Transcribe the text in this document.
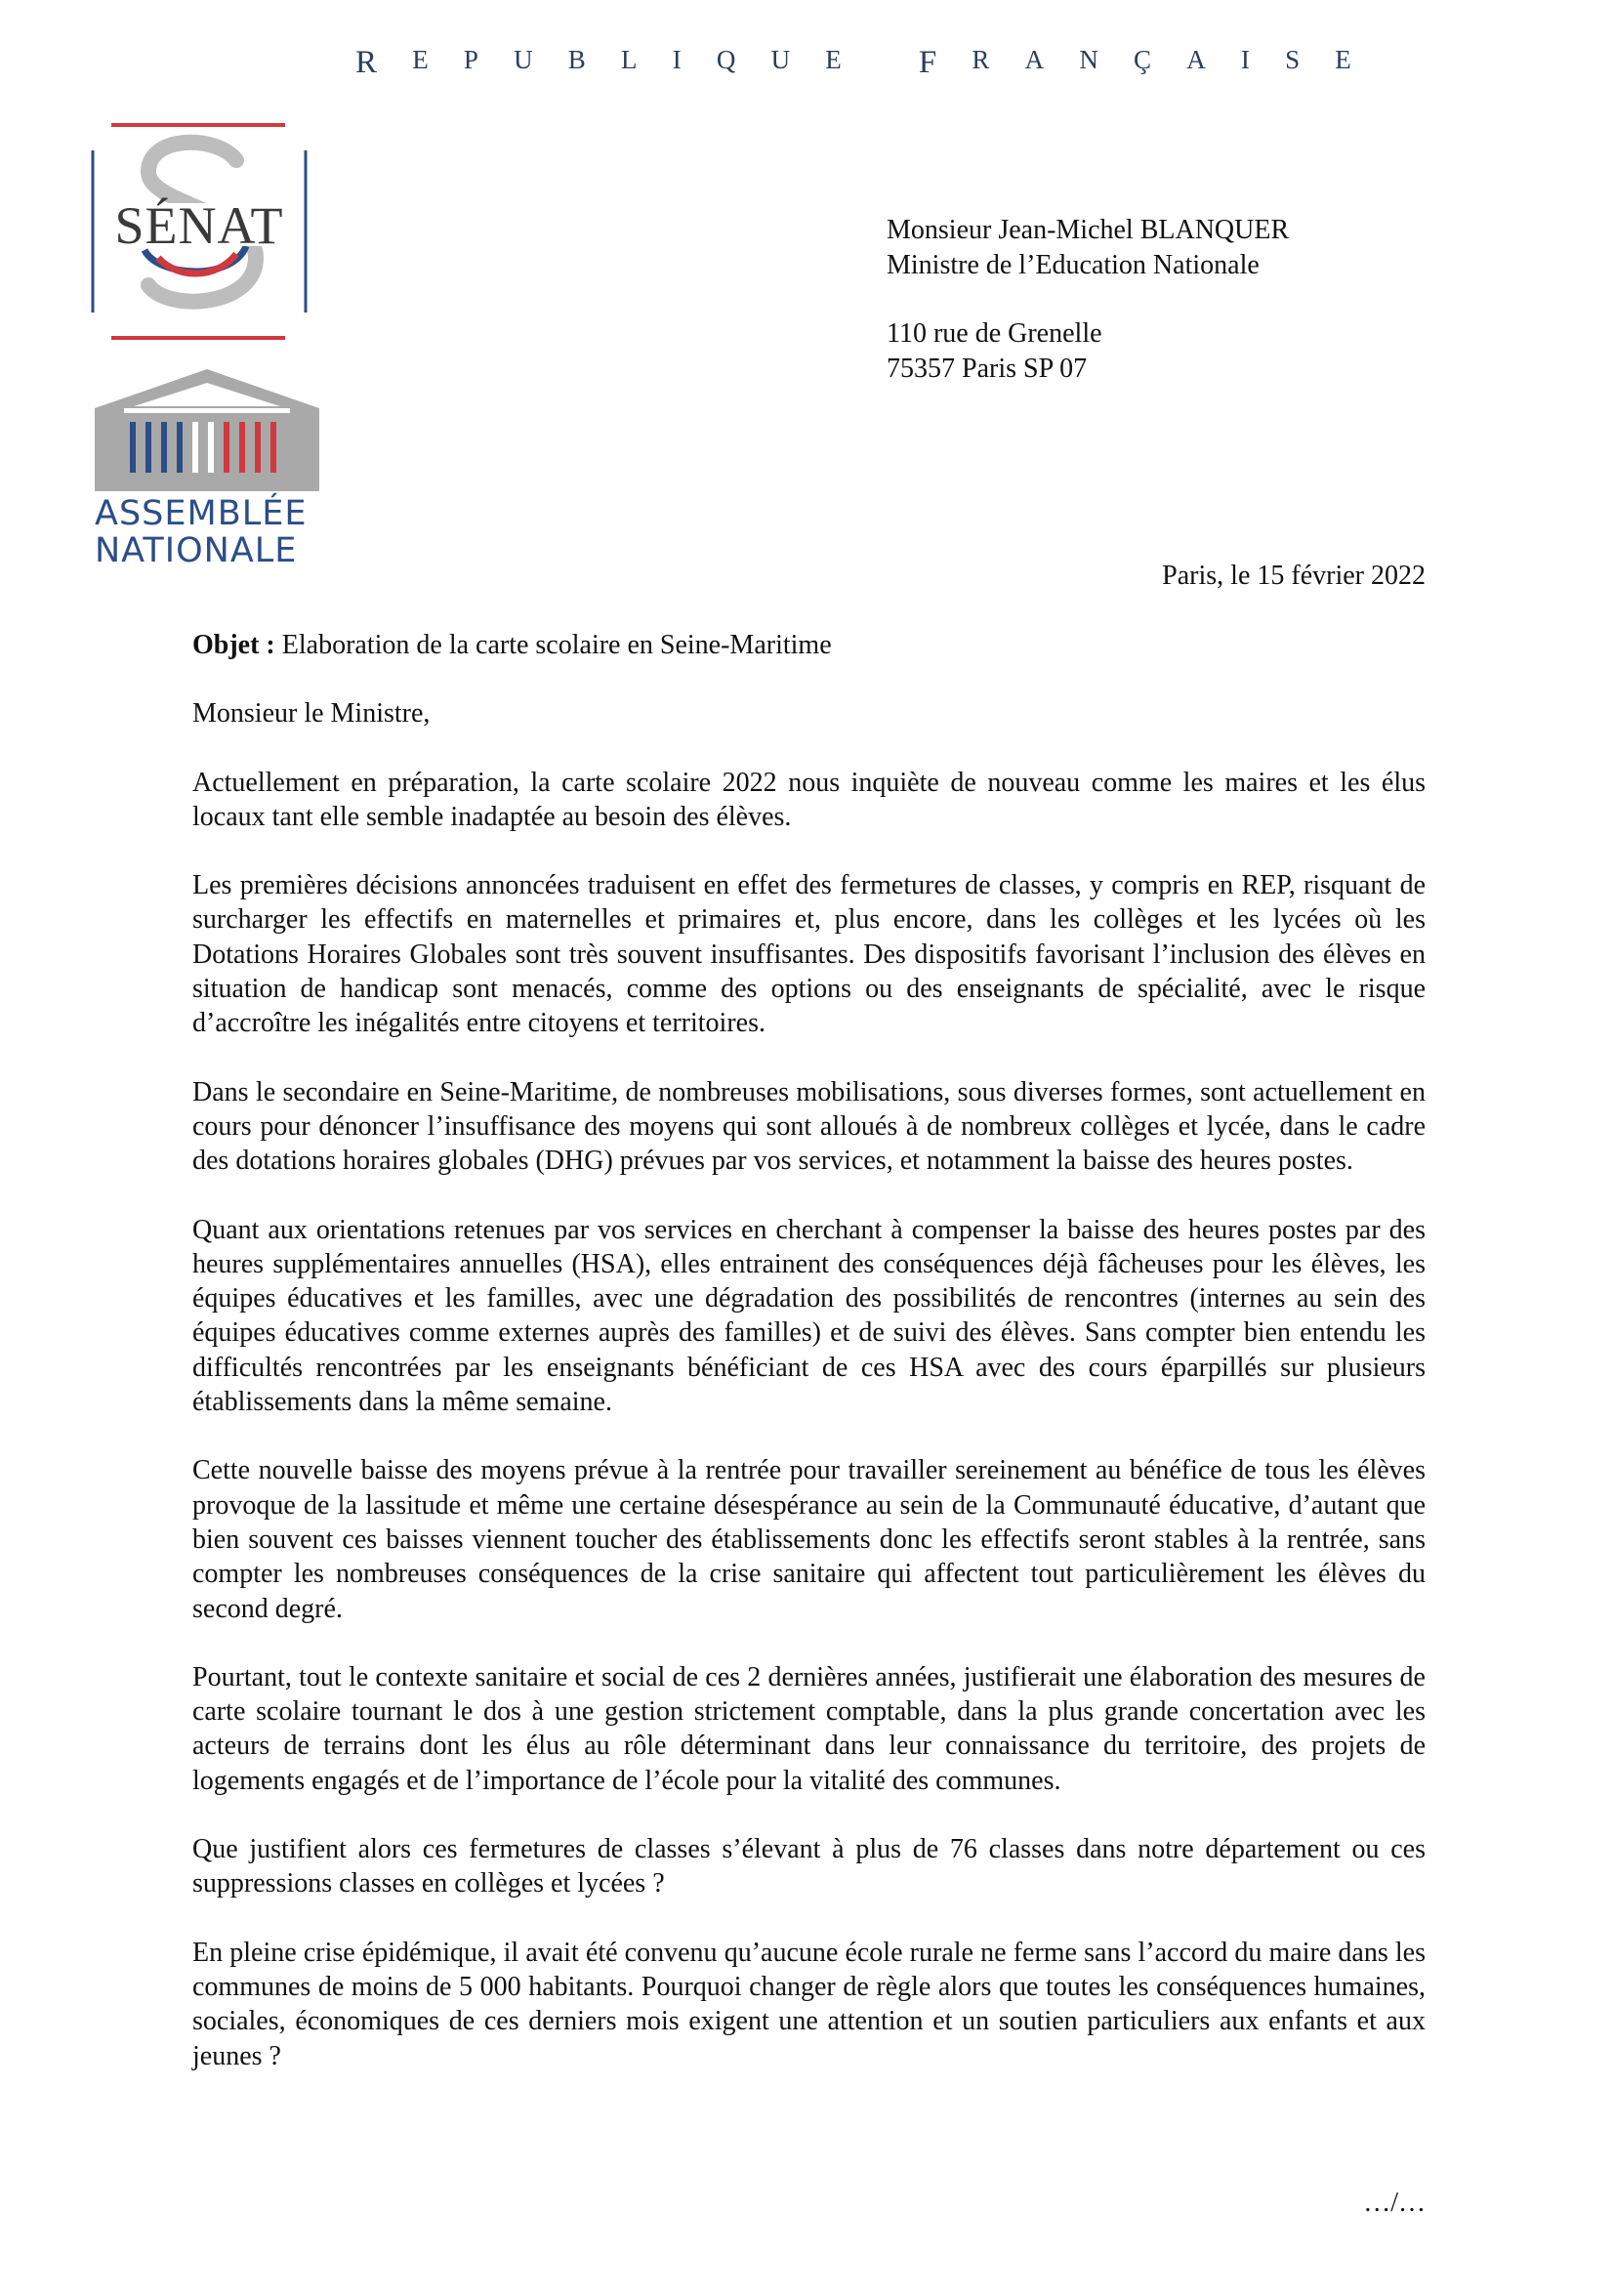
R E P U B L I Q U E
F R A N Ç A I S E
SÉNAT
ASSEMBLÉE
NATIONALE
Monsieur Jean-Michel BLANQUER
Ministre de l’Education Nationale
110 rue de Grenelle
75357 Paris SP 07
Paris, le 15 février 2022

Objet : Elaboration de la carte scolaire en Seine-Maritime

Monsieur le Ministre,

Actuellement en préparation, la carte scolaire 2022 nous inquiète de nouveau comme les maires et les élus locaux tant elle semble inadaptée au besoin des élèves.

Les premières décisions annoncées traduisent en effet des fermetures de classes, y compris en REP, risquant de surcharger les effectifs en maternelles et primaires et, plus encore, dans les collèges et les lycées où les Dotations Horaires Globales sont très souvent insuffisantes. Des dispositifs favorisant l’inclusion des élèves en situation de handicap sont menacés, comme des options ou des enseignants de spécialité, avec le risque d’accroître les inégalités entre citoyens et territoires.

Dans le secondaire en Seine-Maritime, de nombreuses mobilisations, sous diverses formes, sont actuellement en cours pour dénoncer l’insuffisance des moyens qui sont alloués à de nombreux collèges et lycée, dans le cadre des dotations horaires globales (DHG) prévues par vos services, et notamment la baisse des heures postes.

Quant aux orientations retenues par vos services en cherchant à compenser la baisse des heures postes par des heures supplémentaires annuelles (HSA), elles entrainent des conséquences déjà fâcheuses pour les élèves, les équipes éducatives et les familles, avec une dégradation des possibilités de rencontres (internes au sein des équipes éducatives comme externes auprès des familles) et de suivi des élèves. Sans compter bien entendu les difficultés rencontrées par les enseignants bénéficiant de ces HSA avec des cours éparpillés sur plusieurs établissements dans la même semaine.

Cette nouvelle baisse des moyens prévue à la rentrée pour travailler sereinement au bénéfice de tous les élèves provoque de la lassitude et même une certaine désespérance au sein de la Communauté éducative, d’autant que bien souvent ces baisses viennent toucher des établissements donc les effectifs seront stables à la rentrée, sans compter les nombreuses conséquences de la crise sanitaire qui affectent tout particulièrement les élèves du second degré.

Pourtant, tout le contexte sanitaire et social de ces 2 dernières années, justifierait une élaboration des mesures de carte scolaire tournant le dos à une gestion strictement comptable, dans la plus grande concertation avec les acteurs de terrains dont les élus au rôle déterminant dans leur connaissance du territoire, des projets de logements engagés et de l’importance de l’école pour la vitalité des communes.

Que justifient alors ces fermetures de classes s’élevant à plus de 76 classes dans notre département ou ces suppressions classes en collèges et lycées ?

En pleine crise épidémique, il avait été convenu qu’aucune école rurale ne ferme sans l’accord du maire dans les communes de moins de 5 000 habitants. Pourquoi changer de règle alors que toutes les conséquences humaines, sociales, économiques de ces derniers mois exigent une attention et un soutien particuliers aux enfants et aux jeunes ?

…/…
